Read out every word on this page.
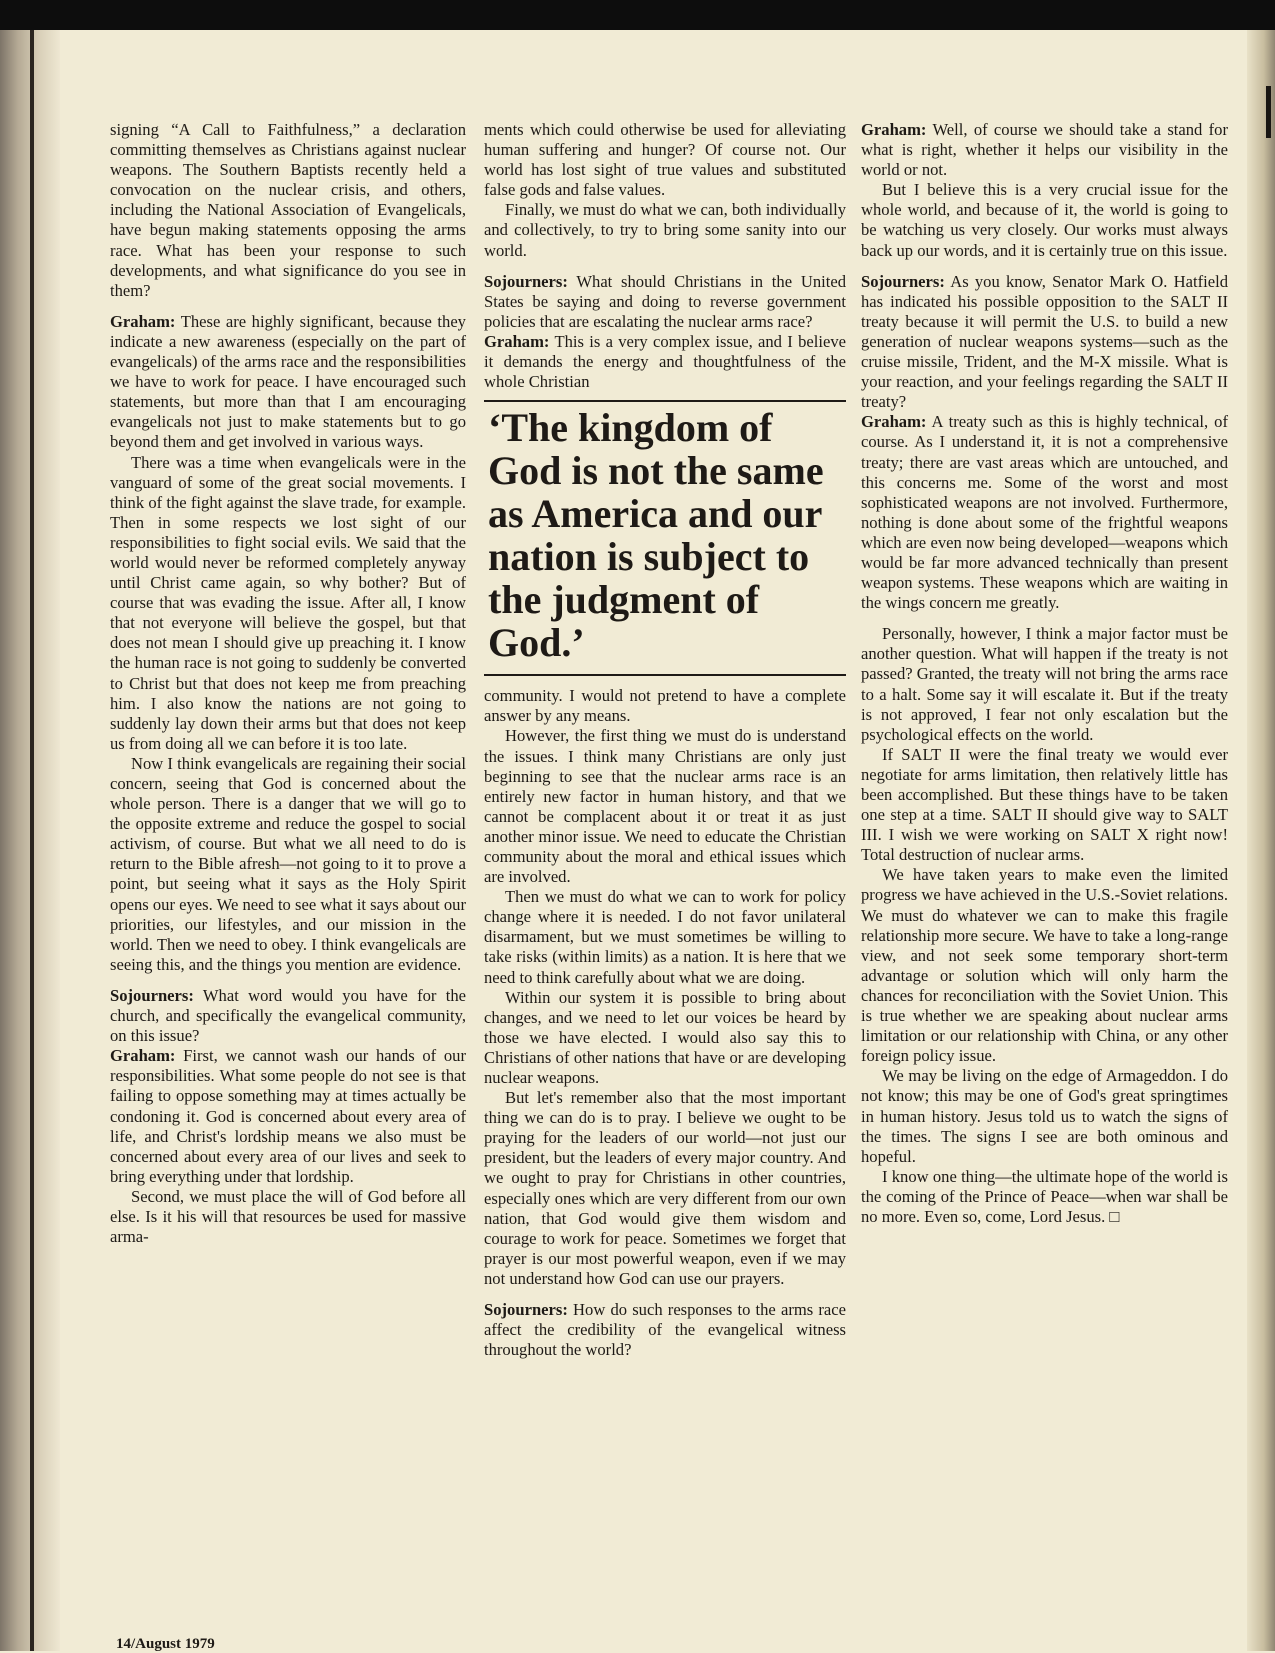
signing “A Call to Faithfulness,” a declaration committing themselves as Christians against nuclear weapons. The Southern Baptists recently held a convocation on the nuclear crisis, and others, including the National Association of Evangelicals, have begun making statements opposing the arms race. What has been your response to such developments, and what significance do you see in them?

Graham: These are highly significant, because they indicate a new awareness (especially on the part of evangelicals) of the arms race and the responsibilities we have to work for peace. I have encouraged such statements, but more than that I am encouraging evangelicals not just to make statements but to go beyond them and get involved in various ways.

There was a time when evangelicals were in the vanguard of some of the great social movements. I think of the fight against the slave trade, for example. Then in some respects we lost sight of our responsibilities to fight social evils. We said that the world would never be reformed completely anyway until Christ came again, so why bother? But of course that was evading the issue. After all, I know that not everyone will believe the gospel, but that does not mean I should give up preaching it. I know the human race is not going to suddenly be converted to Christ but that does not keep me from preaching him. I also know the nations are not going to suddenly lay down their arms but that does not keep us from doing all we can before it is too late.

Now I think evangelicals are regaining their social concern, seeing that God is concerned about the whole person. There is a danger that we will go to the opposite extreme and reduce the gospel to social activism, of course. But what we all need to do is return to the Bible afresh—not going to it to prove a point, but seeing what it says as the Holy Spirit opens our eyes. We need to see what it says about our priorities, our lifestyles, and our mission in the world. Then we need to obey. I think evangelicals are seeing this, and the things you mention are evidence.

Sojourners: What word would you have for the church, and specifically the evangelical community, on this issue?

Graham: First, we cannot wash our hands of our responsibilities. What some people do not see is that failing to oppose something may at times actually be condoning it. God is concerned about every area of life, and Christ's lordship means we also must be concerned about every area of our lives and seek to bring everything under that lordship.

Second, we must place the will of God before all else. Is it his will that resources be used for massive arma-

ments which could otherwise be used for alleviating human suffering and hunger? Of course not. Our world has lost sight of true values and substituted false gods and false values.

Finally, we must do what we can, both individually and collectively, to try to bring some sanity into our world.

Sojourners: What should Christians in the United States be saying and doing to reverse government policies that are escalating the nuclear arms race?

Graham: This is a very complex issue, and I believe it demands the energy and thoughtfulness of the whole Christian

‘The kingdom of God is not the same as America and our nation is subject to the judgment of God.’

community. I would not pretend to have a complete answer by any means.

However, the first thing we must do is understand the issues. I think many Christians are only just beginning to see that the nuclear arms race is an entirely new factor in human history, and that we cannot be complacent about it or treat it as just another minor issue. We need to educate the Christian community about the moral and ethical issues which are involved.

Then we must do what we can to work for policy change where it is needed. I do not favor unilateral disarmament, but we must sometimes be willing to take risks (within limits) as a nation. It is here that we need to think carefully about what we are doing.

Within our system it is possible to bring about changes, and we need to let our voices be heard by those we have elected. I would also say this to Christians of other nations that have or are developing nuclear weapons.

But let's remember also that the most important thing we can do is to pray. I believe we ought to be praying for the leaders of our world—not just our president, but the leaders of every major country. And we ought to pray for Christians in other countries, especially ones which are very different from our own nation, that God would give them wisdom and courage to work for peace. Sometimes we forget that prayer is our most powerful weapon, even if we may not understand how God can use our prayers.

Sojourners: How do such responses to the arms race affect the credibility of the evangelical witness throughout the world?

Graham: Well, of course we should take a stand for what is right, whether it helps our visibility in the world or not.

But I believe this is a very crucial issue for the whole world, and because of it, the world is going to be watching us very closely. Our works must always back up our words, and it is certainly true on this issue.

Sojourners: As you know, Senator Mark O. Hatfield has indicated his possible opposition to the SALT II treaty because it will permit the U.S. to build a new generation of nuclear weapons systems—such as the cruise missile, Trident, and the M-X missile. What is your reaction, and your feelings regarding the SALT II treaty?

Graham: A treaty such as this is highly technical, of course. As I understand it, it is not a comprehensive treaty; there are vast areas which are untouched, and this concerns me. Some of the worst and most sophisticated weapons are not involved. Furthermore, nothing is done about some of the frightful weapons which are even now being developed—weapons which would be far more advanced technically than present weapon systems. These weapons which are waiting in the wings concern me greatly.

Personally, however, I think a major factor must be another question. What will happen if the treaty is not passed? Granted, the treaty will not bring the arms race to a halt. Some say it will escalate it. But if the treaty is not approved, I fear not only escalation but the psychological effects on the world.

If SALT II were the final treaty we would ever negotiate for arms limitation, then relatively little has been accomplished. But these things have to be taken one step at a time. SALT II should give way to SALT III. I wish we were working on SALT X right now! Total destruction of nuclear arms.

We have taken years to make even the limited progress we have achieved in the U.S.-Soviet relations. We must do whatever we can to make this fragile relationship more secure. We have to take a long-range view, and not seek some temporary short-term advantage or solution which will only harm the chances for reconciliation with the Soviet Union. This is true whether we are speaking about nuclear arms limitation or our relationship with China, or any other foreign policy issue.

We may be living on the edge of Armageddon. I do not know; this may be one of God's great springtimes in human history. Jesus told us to watch the signs of the times. The signs I see are both ominous and hopeful.

I know one thing—the ultimate hope of the world is the coming of the Prince of Peace—when war shall be no more. Even so, come, Lord Jesus. □

14/August 1979
